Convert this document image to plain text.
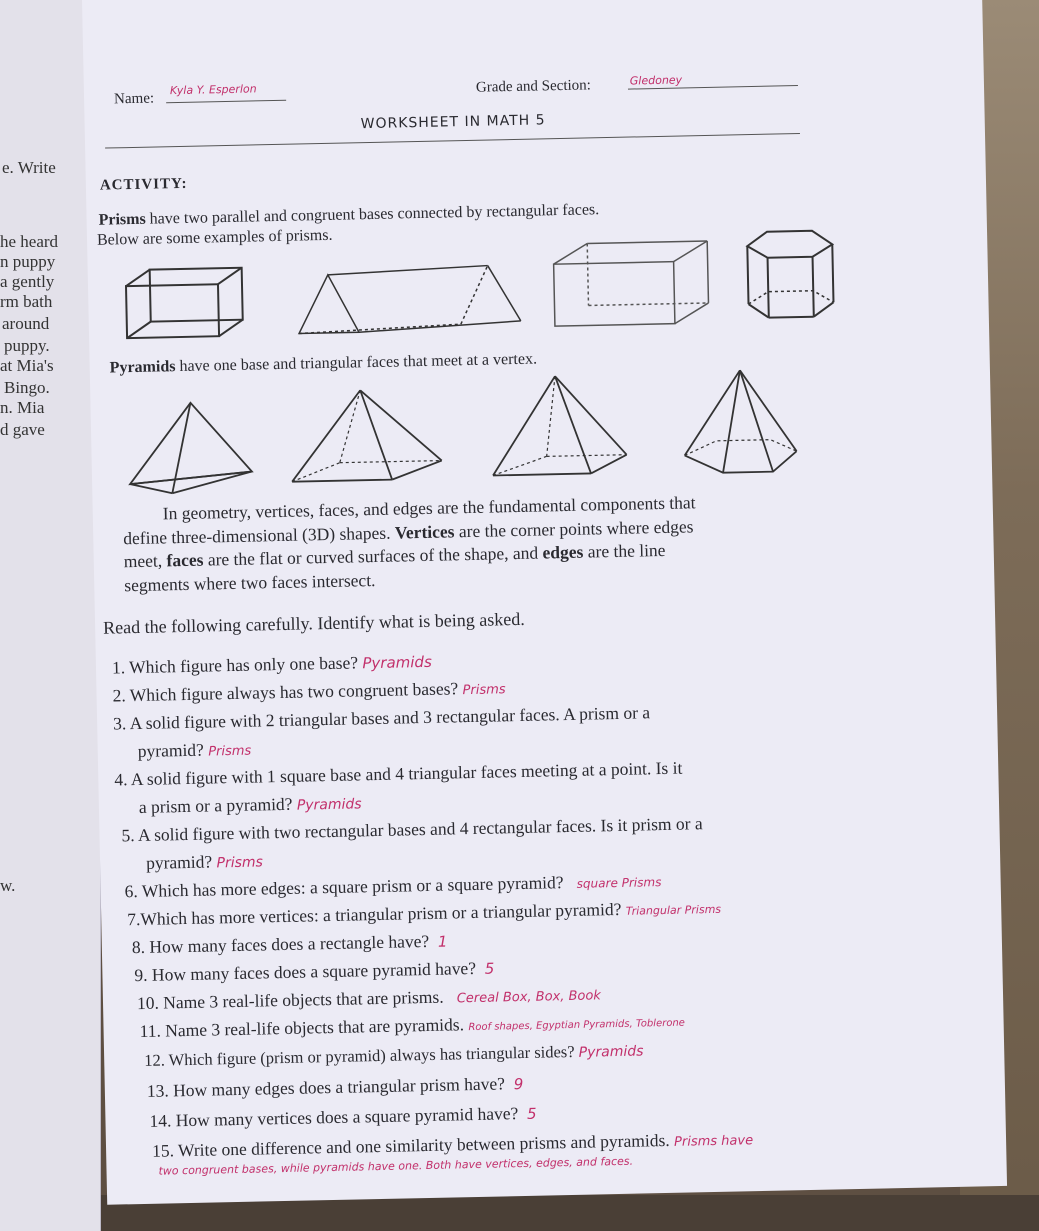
e. Write
he heard
n puppy
a gently
rm bath
around
puppy.
at Mia's
Bingo.
n. Mia
d gave
w.
Name:
Kyla Y. Esperlon	Grade and Section:	Gledoney
WORKSHEET IN MATH 5
ACTIVITY:
Prisms have two parallel and congruent bases connected by rectangular faces.
Below are some examples of prisms.
Pyramids have one base and triangular faces that meet at a vertex.
In geometry, vertices, faces, and edges are the fundamental components that
define three-dimensional (3D) shapes. Vertices are the corner points where edges
meet, faces are the flat or curved surfaces of the shape, and edges are the line
segments where two faces intersect.
Read the following carefully. Identify what is being asked.
1. Which figure has only one base? Pyramids
2. Which figure always has two congruent bases? Prisms
3. A solid figure with 2 triangular bases and 3 rectangular faces. A prism or a
pyramid? Prisms
4. A solid figure with 1 square base and 4 triangular faces meeting at a point. Is it
a prism or a pyramid? Pyramids
5. A solid figure with two rectangular bases and 4 rectangular faces. Is it prism or a
pyramid? Prisms
6. Which has more edges: a square prism or a square pyramid? square Prisms
7.Which has more vertices: a triangular prism or a triangular pyramid? Triangular Prisms
8. How many faces does a rectangle have? 1
9. How many faces does a square pyramid have? 5
10. Name 3 real-life objects that are prisms. Cereal Box, Box, Book
11. Name 3 real-life objects that are pyramids. Roof shapes, Egyptian Pyramids, Toblerone
12. Which figure (prism or pyramid) always has triangular sides? Pyramids
13. How many edges does a triangular prism have? 9
14. How many vertices does a square pyramid have? 5
15. Write one difference and one similarity between prisms and pyramids. Prisms have
two congruent bases, while pyramids have one. Both have vertices, edges, and faces.
